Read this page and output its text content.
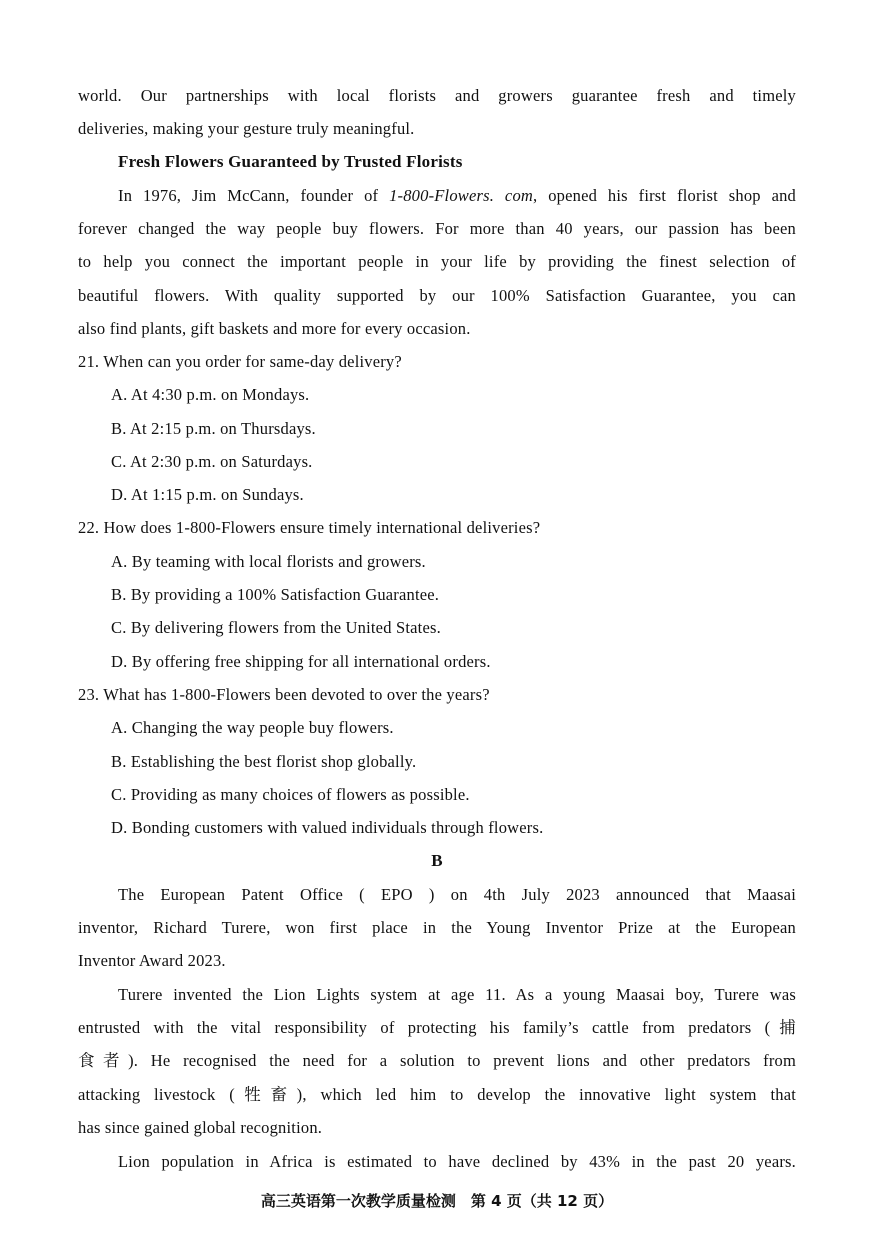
world. Our partnerships with local florists and growers guarantee fresh and timely
deliveries, making your gesture truly meaningful.
Fresh Flowers Guaranteed by Trusted Florists
In 1976, Jim McCann, founder of 1-800-Flowers. com, opened his first florist shop and
forever changed the way people buy flowers. For more than 40 years, our passion has been
to help you connect the important people in your life by providing the finest selection of
beautiful flowers. With quality supported by our 100% Satisfaction Guarantee, you can
also find plants, gift baskets and more for every occasion.
21. When can you order for same-day delivery?
A. At 4:30 p.m. on Mondays.
B. At 2:15 p.m. on Thursdays.
C. At 2:30 p.m. on Saturdays.
D. At 1:15 p.m. on Sundays.
22. How does 1-800-Flowers ensure timely international deliveries?
A. By teaming with local florists and growers.
B. By providing a 100% Satisfaction Guarantee.
C. By delivering flowers from the United States.
D. By offering free shipping for all international orders.
23. What has 1-800-Flowers been devoted to over the years?
A. Changing the way people buy flowers.
B. Establishing the best florist shop globally.
C. Providing as many choices of flowers as possible.
D. Bonding customers with valued individuals through flowers.
B
The European Patent Office ( EPO ) on 4th July 2023 announced that Maasai
inventor, Richard Turere, won first place in the Young Inventor Prize at the European
Inventor Award 2023.
Turere invented the Lion Lights system at age 11. As a young Maasai boy, Turere was
entrusted with the vital responsibility of protecting his family’s cattle from predators (捕
食者). He recognised the need for a solution to prevent lions and other predators from
attacking livestock (牲畜), which led him to develop the innovative light system that
has since gained global recognition.
Lion population in Africa is estimated to have declined by 43% in the past 20 years.
高三英语第一次教学质量检测　第 4 页（共 12 页）
